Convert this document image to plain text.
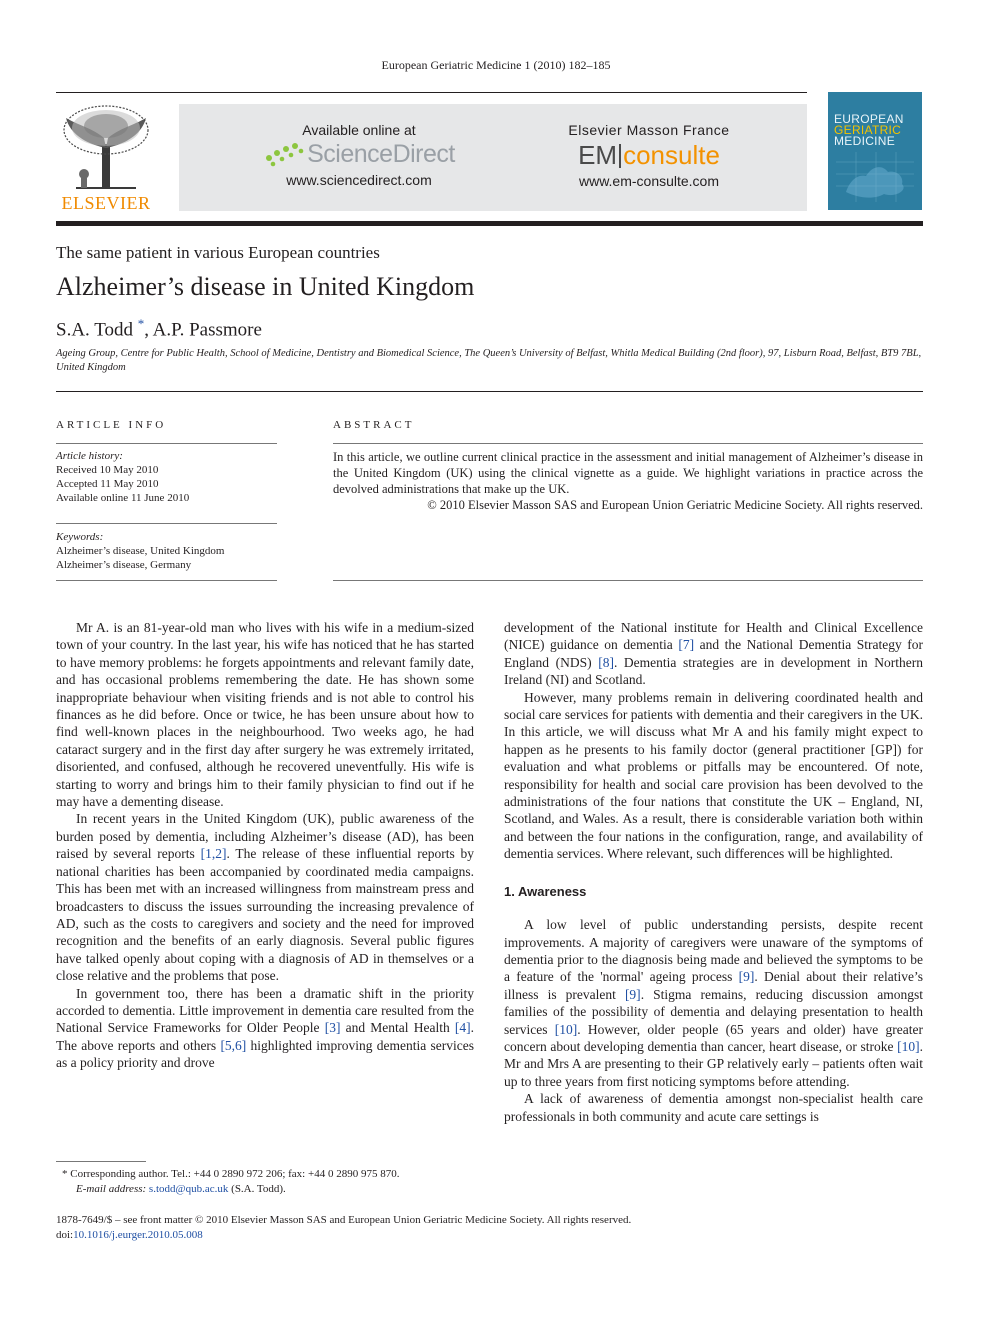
European Geriatric Medicine 1 (2010) 182–185
ELSEVIER
Available online at
ScienceDirect
www.sciencedirect.com
Elsevier Masson France
EM consulte
www.em-consulte.com
EUROPEAN
GERIATRIC
MEDICINE
The same patient in various European countries
Alzheimer’s disease in United Kingdom
S.A. Todd *, A.P. Passmore
Ageing Group, Centre for Public Health, School of Medicine, Dentistry and Biomedical Science, The Queen’s University of Belfast, Whitla Medical Building (2nd floor), 97, Lisburn Road, Belfast, BT9 7BL, United Kingdom
ARTICLE INFO
Article history:
Received 10 May 2010
Accepted 11 May 2010
Available online 11 June 2010
Keywords:
Alzheimer’s disease, United Kingdom
Alzheimer’s disease, Germany
ABSTRACT
In this article, we outline current clinical practice in the assessment and initial management of Alzheimer’s disease in the United Kingdom (UK) using the clinical vignette as a guide. We highlight variations in practice across the devolved administrations that make up the UK.
© 2010 Elsevier Masson SAS and European Union Geriatric Medicine Society. All rights reserved.

Mr A. is an 81-year-old man who lives with his wife in a medium-sized town of your country. In the last year, his wife has noticed that he has started to have memory problems: he forgets appointments and relevant family date, and has occasional problems remembering the date. He has shown some inappropriate behaviour when visiting friends and is not able to control his finances as he did before. Once or twice, he has been unsure about how to find well-known places in the neighbourhood. Two weeks ago, he had cataract surgery and in the first day after surgery he was extremely irritated, disoriented, and confused, although he recovered uneventfully. His wife is starting to worry and brings him to their family physician to find out if he may have a dementing disease.

In recent years in the United Kingdom (UK), public awareness of the burden posed by dementia, including Alzheimer’s disease (AD), has been raised by several reports [1,2]. The release of these influential reports by national charities has been accompanied by coordinated media campaigns. This has been met with an increased willingness from mainstream press and broadcasters to discuss the issues surrounding the increasing prevalence of AD, such as the costs to caregivers and society and the need for improved recognition and the benefits of an early diagnosis. Several public figures have talked openly about coping with a diagnosis of AD in themselves or a close relative and the problems that pose.

In government too, there has been a dramatic shift in the priority accorded to dementia. Little improvement in dementia care resulted from the National Service Frameworks for Older People [3] and Mental Health [4]. The above reports and others [5,6] highlighted improving dementia services as a policy priority and drove

* Corresponding author. Tel.: +44 0 2890 972 206; fax: +44 0 2890 975 870.
E-mail address: s.todd@qub.ac.uk (S.A. Todd).

development of the National institute for Health and Clinical Excellence (NICE) guidance on dementia [7] and the National Dementia Strategy for England (NDS) [8]. Dementia strategies are in development in Northern Ireland (NI) and Scotland.

However, many problems remain in delivering coordinated health and social care services for patients with dementia and their caregivers in the UK. In this article, we will discuss what Mr A and his family might expect to happen as he presents to his family doctor (general practitioner [GP]) for evaluation and what problems or pitfalls may be encountered. Of note, responsibility for health and social care provision has been devolved to the administrations of the four nations that constitute the UK – England, NI, Scotland, and Wales. As a result, there is considerable variation both within and between the four nations in the configuration, range, and availability of dementia services. Where relevant, such differences will be highlighted.

1. Awareness

A low level of public understanding persists, despite recent improvements. A majority of caregivers were unaware of the symptoms of dementia prior to the diagnosis being made and believed the symptoms to be a feature of the 'normal' ageing process [9]. Denial about their relative’s illness is prevalent [9]. Stigma remains, reducing discussion amongst families of the possibility of dementia and delaying presentation to health services [10]. However, older people (65 years and older) have greater concern about developing dementia than cancer, heart disease, or stroke [10]. Mr and Mrs A are presenting to their GP relatively early – patients often wait up to three years from first noticing symptoms before attending.

A lack of awareness of dementia amongst non-specialist health care professionals in both community and acute care settings is

1878-7649/$ – see front matter © 2010 Elsevier Masson SAS and European Union Geriatric Medicine Society. All rights reserved.
doi:10.1016/j.eurger.2010.05.008
